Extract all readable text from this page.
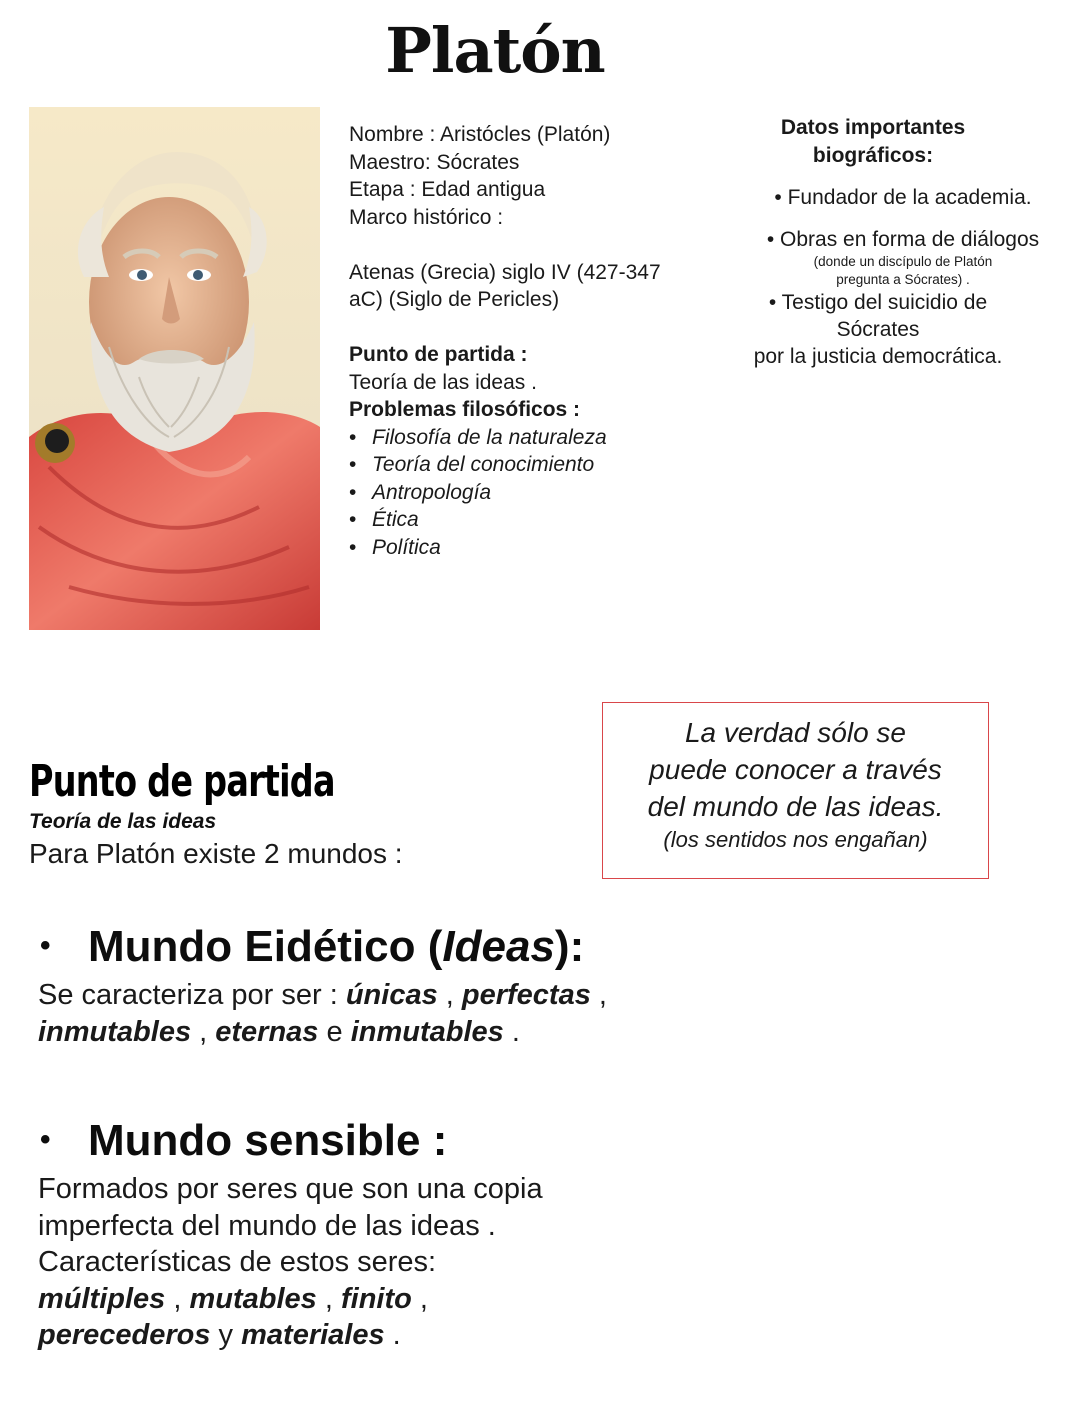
Platón
Nombre : Aristócles (Platón)
Maestro: Sócrates
Etapa : Edad antigua
Marco histórico :
Atenas (Grecia) siglo IV (427-347
aC) (Siglo de Pericles)
Punto de partida :
Teoría de las ideas .
Problemas filosóficos :
• Filosofía de la naturaleza
• Teoría del conocimiento
• Antropología
• Ética
• Política
Datos importantes
biográficos:
• Fundador de la academia.
• Obras en forma de diálogos
(donde un discípulo de Platón
pregunta a Sócrates) .
• Testigo del suicidio de
Sócrates
por la justicia democrática.
La verdad sólo se
puede conocer a través
del mundo de las ideas.
(los sentidos nos engañan)
Punto de partida
Teoría de las ideas
Para Platón existe 2 mundos :
• Mundo Eidético (Ideas):
Se caracteriza por ser : únicas , perfectas ,
inmutables , eternas e inmutables .
• Mundo sensible :
Formados por seres que son una copia
imperfecta del mundo de las ideas .
Características de estos seres:
múltiples , mutables , finito ,
perecederos y materiales .
